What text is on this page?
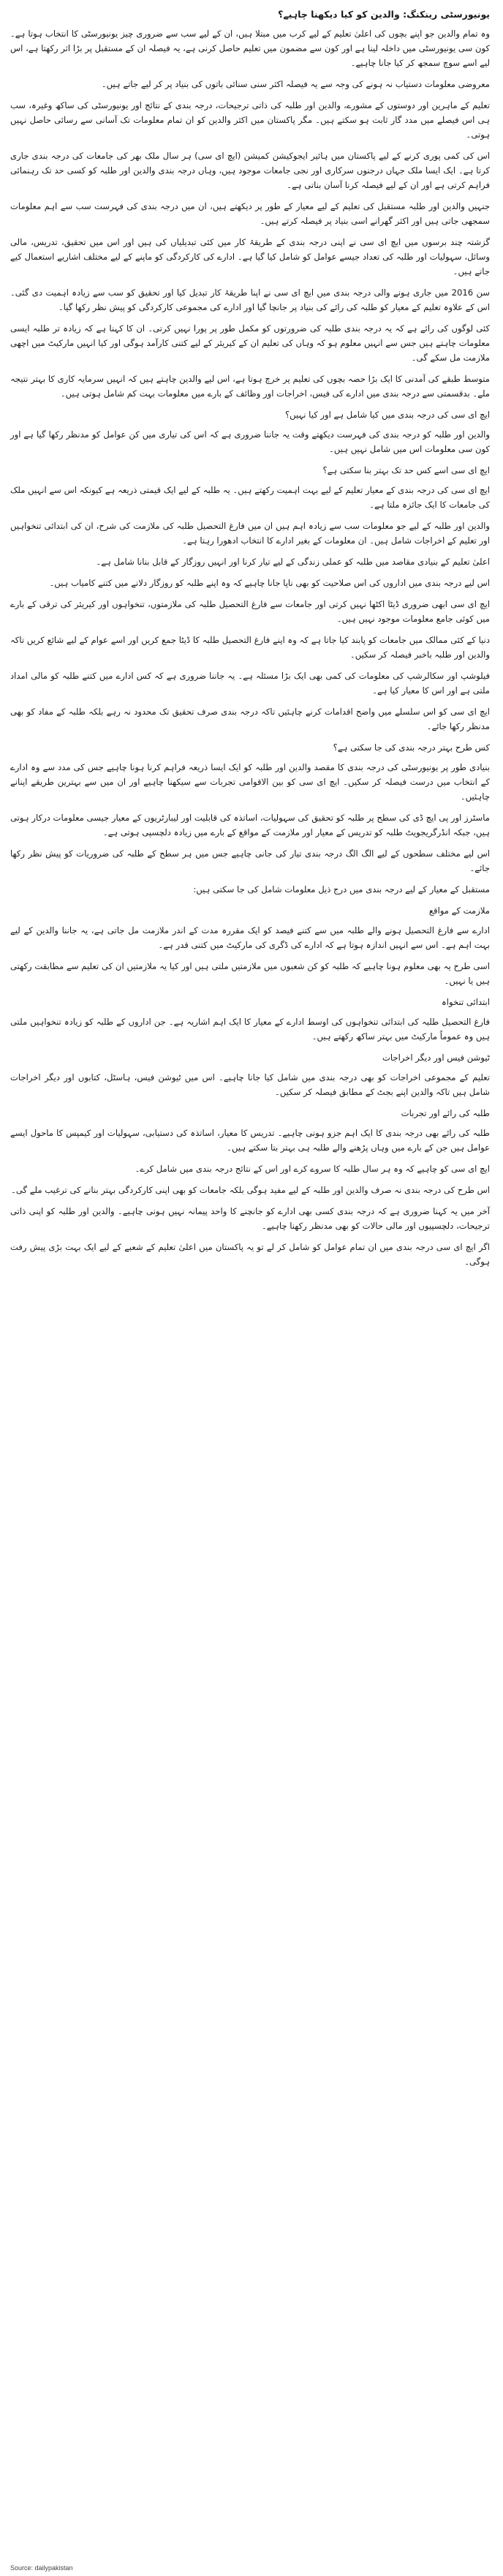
یونیورسٹی رینکنگ: والدین کو کیا دیکھنا چاہیے؟

وہ تمام والدین جو اپنے بچوں کی اعلیٰ تعلیم کے لیے کرب میں مبتلا ہیں، ان کے لیے سب سے ضروری چیز یونیورسٹی کا انتخاب ہوتا ہے۔ کون سی یونیورسٹی میں داخلہ لینا ہے اور کون سے مضمون میں تعلیم حاصل کرنی ہے، یہ فیصلہ ان کے مستقبل پر بڑا اثر رکھتا ہے، اس لیے اسے سوچ سمجھ کر کیا جانا چاہیے۔

معروضی معلومات دستیاب نہ ہونے کی وجہ سے یہ فیصلہ اکثر سنی سنائی باتوں کی بنیاد پر کر لیے جاتے ہیں۔

تعلیم کے ماہرین اور دوستوں کے مشورے، والدین اور طلبہ کی ذاتی ترجیحات، درجہ بندی کے نتائج اور یونیورسٹی کی ساکھ وغیرہ، سب ہی اس فیصلے میں مدد گار ثابت ہو سکتے ہیں۔ مگر پاکستان میں اکثر والدین کو ان تمام معلومات تک آسانی سے رسائی حاصل نہیں ہوتی۔

اس کی کمی پوری کرنے کے لیے پاکستان میں ہائیر ایجوکیشن کمیشن (ایچ ای سی) ہر سال ملک بھر کی جامعات کی درجہ بندی جاری کرتا ہے۔ ایک ایسا ملک جہاں درجنوں سرکاری اور نجی جامعات موجود ہیں، وہاں درجہ بندی والدین اور طلبہ کو کسی حد تک رہنمائی فراہم کرتی ہے اور ان کے لیے فیصلہ کرنا آسان بناتی ہے۔

جنہیں والدین اور طلبہ مستقبل کی تعلیم کے لیے معیار کے طور پر دیکھتے ہیں، ان میں درجہ بندی کی فہرست سب سے اہم معلومات سمجھی جاتی ہیں اور اکثر گھرانے اسی بنیاد پر فیصلہ کرتے ہیں۔

گزشتہ چند برسوں میں ایچ ای سی نے اپنی درجہ بندی کے طریقۂ کار میں کئی تبدیلیاں کی ہیں اور اس میں تحقیق، تدریس، مالی وسائل، سہولیات اور طلبہ کی تعداد جیسے عوامل کو شامل کیا گیا ہے۔ ادارے کی کارکردگی کو ماپنے کے لیے مختلف اشاریے استعمال کیے جاتے ہیں۔

سن 2016 میں جاری ہونے والی درجہ بندی میں ایچ ای سی نے اپنا طریقۂ کار تبدیل کیا اور تحقیق کو سب سے زیادہ اہمیت دی گئی۔ اس کے علاوہ تعلیم کے معیار کو طلبہ کی رائے کی بنیاد پر جانچا گیا اور ادارے کی مجموعی کارکردگی کو پیش نظر رکھا گیا۔

کئی لوگوں کی رائے ہے کہ یہ درجہ بندی طلبہ کی ضرورتوں کو مکمل طور پر پورا نہیں کرتی۔ ان کا کہنا ہے کہ زیادہ تر طلبہ ایسی معلومات چاہتے ہیں جس سے انہیں معلوم ہو کہ وہاں کی تعلیم ان کے کیریئر کے لیے کتنی کارآمد ہوگی اور کیا انہیں مارکیٹ میں اچھی ملازمت مل سکے گی۔

متوسط طبقے کی آمدنی کا ایک بڑا حصہ بچوں کی تعلیم پر خرچ ہوتا ہے، اس لیے والدین چاہتے ہیں کہ انہیں سرمایہ کاری کا بہتر نتیجہ ملے۔ بدقسمتی سے درجہ بندی میں ادارے کی فیس، اخراجات اور وظائف کے بارے میں معلومات بہت کم شامل ہوتی ہیں۔

ایچ ای سی کی درجہ بندی میں کیا شامل ہے اور کیا نہیں؟

والدین اور طلبہ کو درجہ بندی کی فہرست دیکھتے وقت یہ جاننا ضروری ہے کہ اس کی تیاری میں کن عوامل کو مدنظر رکھا گیا ہے اور کون سی معلومات اس میں شامل نہیں ہیں۔

ایچ ای سی اسے کس حد تک بہتر بنا سکتی ہے؟

ایچ ای سی کی درجہ بندی کے معیار تعلیم کے لیے بہت اہمیت رکھتے ہیں۔ یہ طلبہ کے لیے ایک قیمتی ذریعہ ہے کیونکہ اس سے انہیں ملک کی جامعات کا ایک جائزہ ملتا ہے۔

والدین اور طلبہ کے لیے جو معلومات سب سے زیادہ اہم ہیں ان میں فارغ التحصیل طلبہ کی ملازمت کی شرح، ان کی ابتدائی تنخواہیں اور تعلیم کے اخراجات شامل ہیں۔ ان معلومات کے بغیر ادارے کا انتخاب ادھورا رہتا ہے۔

اعلیٰ تعلیم کے بنیادی مقاصد میں طلبہ کو عملی زندگی کے لیے تیار کرنا اور انہیں روزگار کے قابل بنانا شامل ہے۔

اس لیے درجہ بندی میں اداروں کی اس صلاحیت کو بھی ناپا جانا چاہیے کہ وہ اپنے طلبہ کو روزگار دلانے میں کتنے کامیاب ہیں۔

ایچ ای سی ابھی ضروری ڈیٹا اکٹھا نہیں کرتی اور جامعات سے فارغ التحصیل طلبہ کی ملازمتوں، تنخواہوں اور کیریئر کی ترقی کے بارے میں کوئی جامع معلومات موجود نہیں ہیں۔

دنیا کے کئی ممالک میں جامعات کو پابند کیا جاتا ہے کہ وہ اپنے فارغ التحصیل طلبہ کا ڈیٹا جمع کریں اور اسے عوام کے لیے شائع کریں تاکہ والدین اور طلبہ باخبر فیصلہ کر سکیں۔

فیلوشپ اور سکالرشپ کی معلومات کی کمی بھی ایک بڑا مسئلہ ہے۔ یہ جاننا ضروری ہے کہ کس ادارے میں کتنے طلبہ کو مالی امداد ملتی ہے اور اس کا معیار کیا ہے۔

ایچ ای سی کو اس سلسلے میں واضح اقدامات کرنے چاہئیں تاکہ درجہ بندی صرف تحقیق تک محدود نہ رہے بلکہ طلبہ کے مفاد کو بھی مدنظر رکھا جائے۔

کس طرح بہتر درجہ بندی کی جا سکتی ہے؟

بنیادی طور پر یونیورسٹی کی درجہ بندی کا مقصد والدین اور طلبہ کو ایک ایسا ذریعہ فراہم کرنا ہونا چاہیے جس کی مدد سے وہ ادارے کے انتخاب میں درست فیصلہ کر سکیں۔ ایچ ای سی کو بین الاقوامی تجربات سے سیکھنا چاہیے اور ان میں سے بہترین طریقے اپنانے چاہئیں۔

ماسٹرز اور پی ایچ ڈی کی سطح پر طلبہ کو تحقیق کی سہولیات، اساتذہ کی قابلیت اور لیبارٹریوں کے معیار جیسی معلومات درکار ہوتی ہیں، جبکہ انڈرگریجویٹ طلبہ کو تدریس کے معیار اور ملازمت کے مواقع کے بارے میں زیادہ دلچسپی ہوتی ہے۔

اس لیے مختلف سطحوں کے لیے الگ الگ درجہ بندی تیار کی جانی چاہیے جس میں ہر سطح کے طلبہ کی ضروریات کو پیش نظر رکھا جائے۔

مستقبل کے معیار کے لیے درجہ بندی میں درج ذیل معلومات شامل کی جا سکتی ہیں:

ملازمت کے مواقع

ادارے سے فارغ التحصیل ہونے والے طلبہ میں سے کتنے فیصد کو ایک مقررہ مدت کے اندر ملازمت مل جاتی ہے، یہ جاننا والدین کے لیے بہت اہم ہے۔ اس سے انہیں اندازہ ہوتا ہے کہ ادارے کی ڈگری کی مارکیٹ میں کتنی قدر ہے۔

اسی طرح یہ بھی معلوم ہونا چاہیے کہ طلبہ کو کن شعبوں میں ملازمتیں ملتی ہیں اور کیا یہ ملازمتیں ان کی تعلیم سے مطابقت رکھتی ہیں یا نہیں۔

ابتدائی تنخواہ

فارغ التحصیل طلبہ کی ابتدائی تنخواہوں کی اوسط ادارے کے معیار کا ایک اہم اشاریہ ہے۔ جن اداروں کے طلبہ کو زیادہ تنخواہیں ملتی ہیں وہ عموماً مارکیٹ میں بہتر ساکھ رکھتے ہیں۔

ٹیوشن فیس اور دیگر اخراجات

تعلیم کے مجموعی اخراجات کو بھی درجہ بندی میں شامل کیا جانا چاہیے۔ اس میں ٹیوشن فیس، ہاسٹل، کتابوں اور دیگر اخراجات شامل ہیں تاکہ والدین اپنے بجٹ کے مطابق فیصلہ کر سکیں۔

طلبہ کی رائے اور تجربات

طلبہ کی رائے بھی درجہ بندی کا ایک اہم جزو ہونی چاہیے۔ تدریس کا معیار، اساتذہ کی دستیابی، سہولیات اور کیمپس کا ماحول ایسے عوامل ہیں جن کے بارے میں وہاں پڑھنے والے طلبہ ہی بہتر بتا سکتے ہیں۔

ایچ ای سی کو چاہیے کہ وہ ہر سال طلبہ کا سروے کرے اور اس کے نتائج درجہ بندی میں شامل کرے۔

اس طرح کی درجہ بندی نہ صرف والدین اور طلبہ کے لیے مفید ہوگی بلکہ جامعات کو بھی اپنی کارکردگی بہتر بنانے کی ترغیب ملے گی۔

آخر میں یہ کہنا ضروری ہے کہ درجہ بندی کسی بھی ادارے کو جانچنے کا واحد پیمانہ نہیں ہونی چاہیے۔ والدین اور طلبہ کو اپنی ذاتی ترجیحات، دلچسپیوں اور مالی حالات کو بھی مدنظر رکھنا چاہیے۔

اگر ایچ ای سی درجہ بندی میں ان تمام عوامل کو شامل کر لے تو یہ پاکستان میں اعلیٰ تعلیم کے شعبے کے لیے ایک بہت بڑی پیش رفت ہوگی۔

Source: dailypakistan
